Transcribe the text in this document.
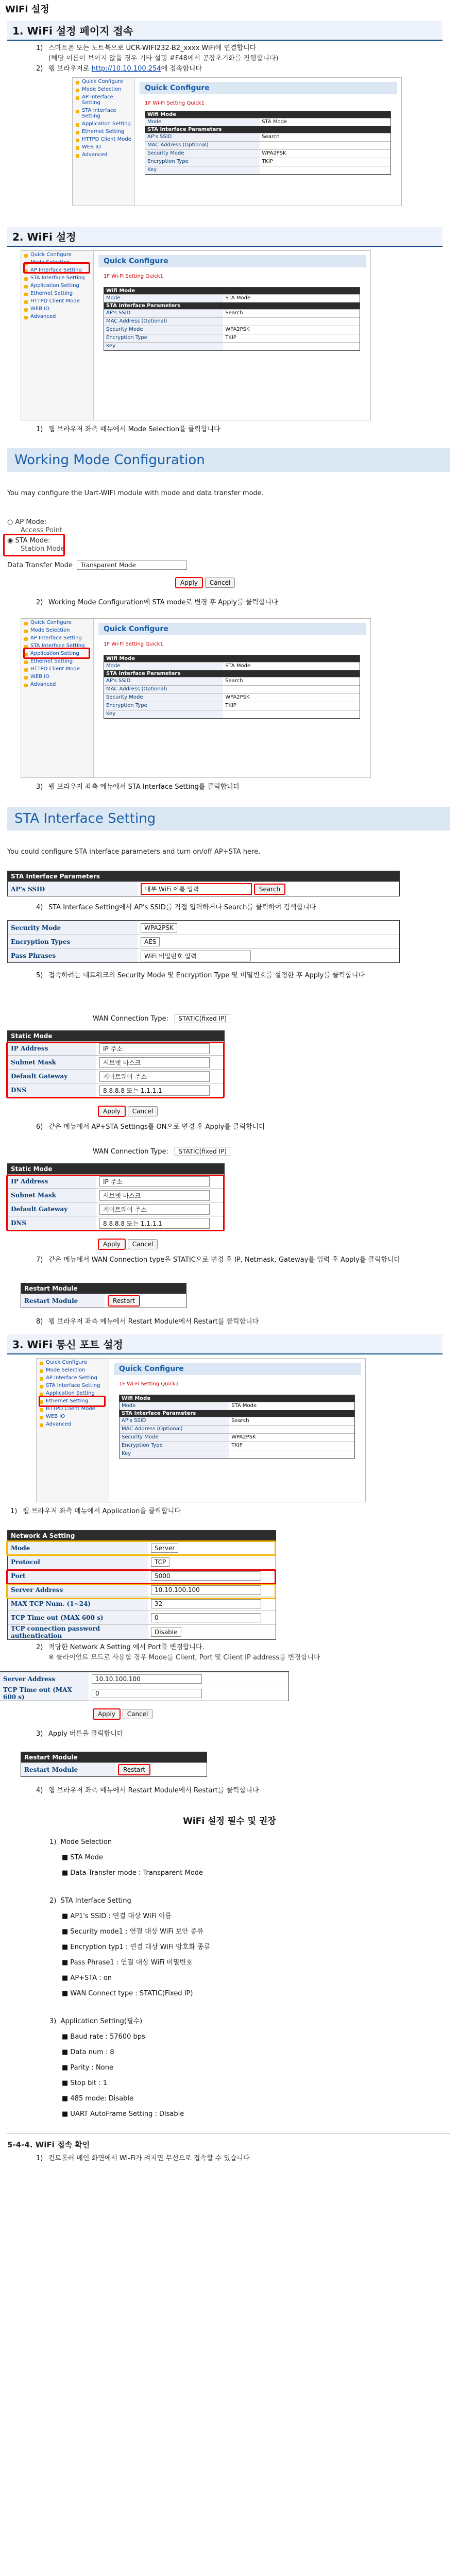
WiFi 설정
1. WiFi 설정 페이지 접속
1) 스마트폰 또는 노트북으로 UCR-WIFI232-B2_xxxx WiFi에 연결합니다
(해당 이름이 보이지 않을 경우 기타 설명 #F48에서 공장초기화를 진행합니다)
2) 웹 브라우저로 http://10.10.100.254에 접속합니다
Quick Configure
Mode Selection
AP Interface Setting
STA Interface Setting
Application Setting
Ethernet Setting
HTTPD Client Mode
WEB IO
Advanced
Quick Configure
1F Wi-Fi Setting Quick1
Wifi Mode
Mode	STA Mode
STA Interface Parameters
AP's SSID	Search
MAC Address (Optional)
Security Mode	WPA2PSK
Encryption Type	TKIP
Key
2. WiFi 설정
Quick Configure
Mode Selection
AP Interface Setting
STA Interface Setting
Application Setting
Ethernet Setting
HTTPD Client Mode
WEB IO
Advanced
Quick Configure
1F Wi-Fi Setting Quick1
Wifi Mode
Mode	STA Mode
STA Interface Parameters
AP's SSID	Search
MAC Address (Optional)
Security Mode	WPA2PSK
Encryption Type	TKIP
Key
1) 웹 브라우저 좌측 메뉴에서 Mode Selection을 클릭합니다
Working Mode Configuration
You may configure the Uart-WIFI module with mode and data transfer mode.
○ AP Mode:
Access Point
◉ STA Mode:
Station Mode
Data Transfer Mode Transparent Mode
Apply Cancel
2) Working Mode Configuration에 STA mode로 변경 후 Apply를 클릭합니다
Quick Configure
Mode Selection
AP Interface Setting
STA Interface Setting
Application Setting
Ethernet Setting
HTTPD Client Mode
WEB IO
Advanced
Quick Configure
1F Wi-Fi Setting Quick1
Wifi Mode
Mode	STA Mode
STA Interface Parameters
AP's SSID	Search
MAC Address (Optional)
Security Mode	WPA2PSK
Encryption Type	TKIP
Key
3) 웹 브라우저 좌측 메뉴에서 STA Interface Setting를 클릭합니다
STA Interface Setting
You could configure STA interface parameters and turn on/off AP+STA here.
STA Interface Parameters
AP's SSID	내부 WiFi 이름 입력	Search
4) STA Interface Setting에서 AP's SSID를 직접 입력하거나 Search를 클릭하여 검색합니다
Security Mode	WPA2PSK
Encryption Types	AES
Pass Phrases	WiFi 비밀번호 입력
5) 접속하려는 네트워크의 Security Mode 및 Encryption Type 및 비밀번호를 설정한 후 Apply를 클릭합니다
WAN Connection Type: STATIC(fixed IP)
Static Mode
IP Address	IP 주소
Subnet Mask	서브넷 마스크
Default Gateway	게이트웨이 주소
DNS	8.8.8.8 또는 1.1.1.1
Apply Cancel
6) 같은 메뉴에서 AP+STA Settings를 ON으로 변경 후 Apply를 클릭합니다
WAN Connection Type: STATIC(fixed IP)
Static Mode
IP Address	IP 주소
Subnet Mask	서브넷 마스크
Default Gateway	게이트웨이 주소
DNS	8.8.8.8 또는 1.1.1.1
Apply Cancel
7) 같은 메뉴에서 WAN Connection type을 STATIC으로 변경 후 IP, Netmask, Gateway를 입력 후 Apply를 클릭합니다
Restart Module
Restart Module	Restart
8) 웹 브라우저 좌측 메뉴에서 Restart Module에서 Restart를 클릭합니다
3. WiFi 통신 포트 설정
Quick Configure
Mode Selection
AP Interface Setting
STA Interface Setting
Application Setting
Ethernet Setting
HTTPD Client Mode
WEB IO
Advanced
Quick Configure
1F Wi-Fi Setting Quick1
Wifi Mode
Mode	STA Mode
STA Interface Parameters
AP's SSID	Search
MAC Address (Optional)
Security Mode	WPA2PSK
Encryption Type	TKIP
Key
1) 웹 브라우저 좌측 메뉴에서 Application을 클릭합니다
Network A Setting
Mode	Server
Protocol	TCP
Port	5000
Server Address	10.10.100.100
MAX TCP Num. (1~24)	32
TCP Time out (MAX 600 s)	0
TCP connection password authentication	Disable
2) 적당한 Network A Setting 에서 Port를 변경합니다.
※ 클라이언트 모드로 사용할 경우 Mode를 Client, Port 및 Client IP address를 변경합니다
Server Address	10.10.100.100
TCP Time out (MAX 600 s)	0
Apply Cancel
3) Apply 버튼을 클릭합니다
Restart Module
Restart Module	Restart
4) 웹 브라우저 좌측 메뉴에서 Restart Module에서 Restart를 클릭합니다
WiFi 설정 필수 및 권장
1) Mode Selection
■ STA Mode
■ Data Transfer mode : Transparent Mode
2) STA Interface Setting
■ AP1's SSID : 연결 대상 WiFi 이름
■ Security mode1 : 연결 대상 WiFi 보안 종류
■ Encryption typ1 : 연결 대상 WiFi 암호화 종류
■ Pass Phrase1 : 연결 대상 WiFi 비밀번호
■ AP+STA : on
■ WAN Connect type : STATIC(Fixed IP)
3) Application Setting(필수)
■ Baud rate : 57600 bps
■ Data num : 8
■ Parity : None
■ Stop bit : 1
■ 485 mode: Disable
■ UART AutoFrame Setting : Disable
5-4-4. WiFi 접속 확인
1) 컨트롤러 메인 화면에서 Wi-Fi가 켜지면 무선으로 접속할 수 있습니다
